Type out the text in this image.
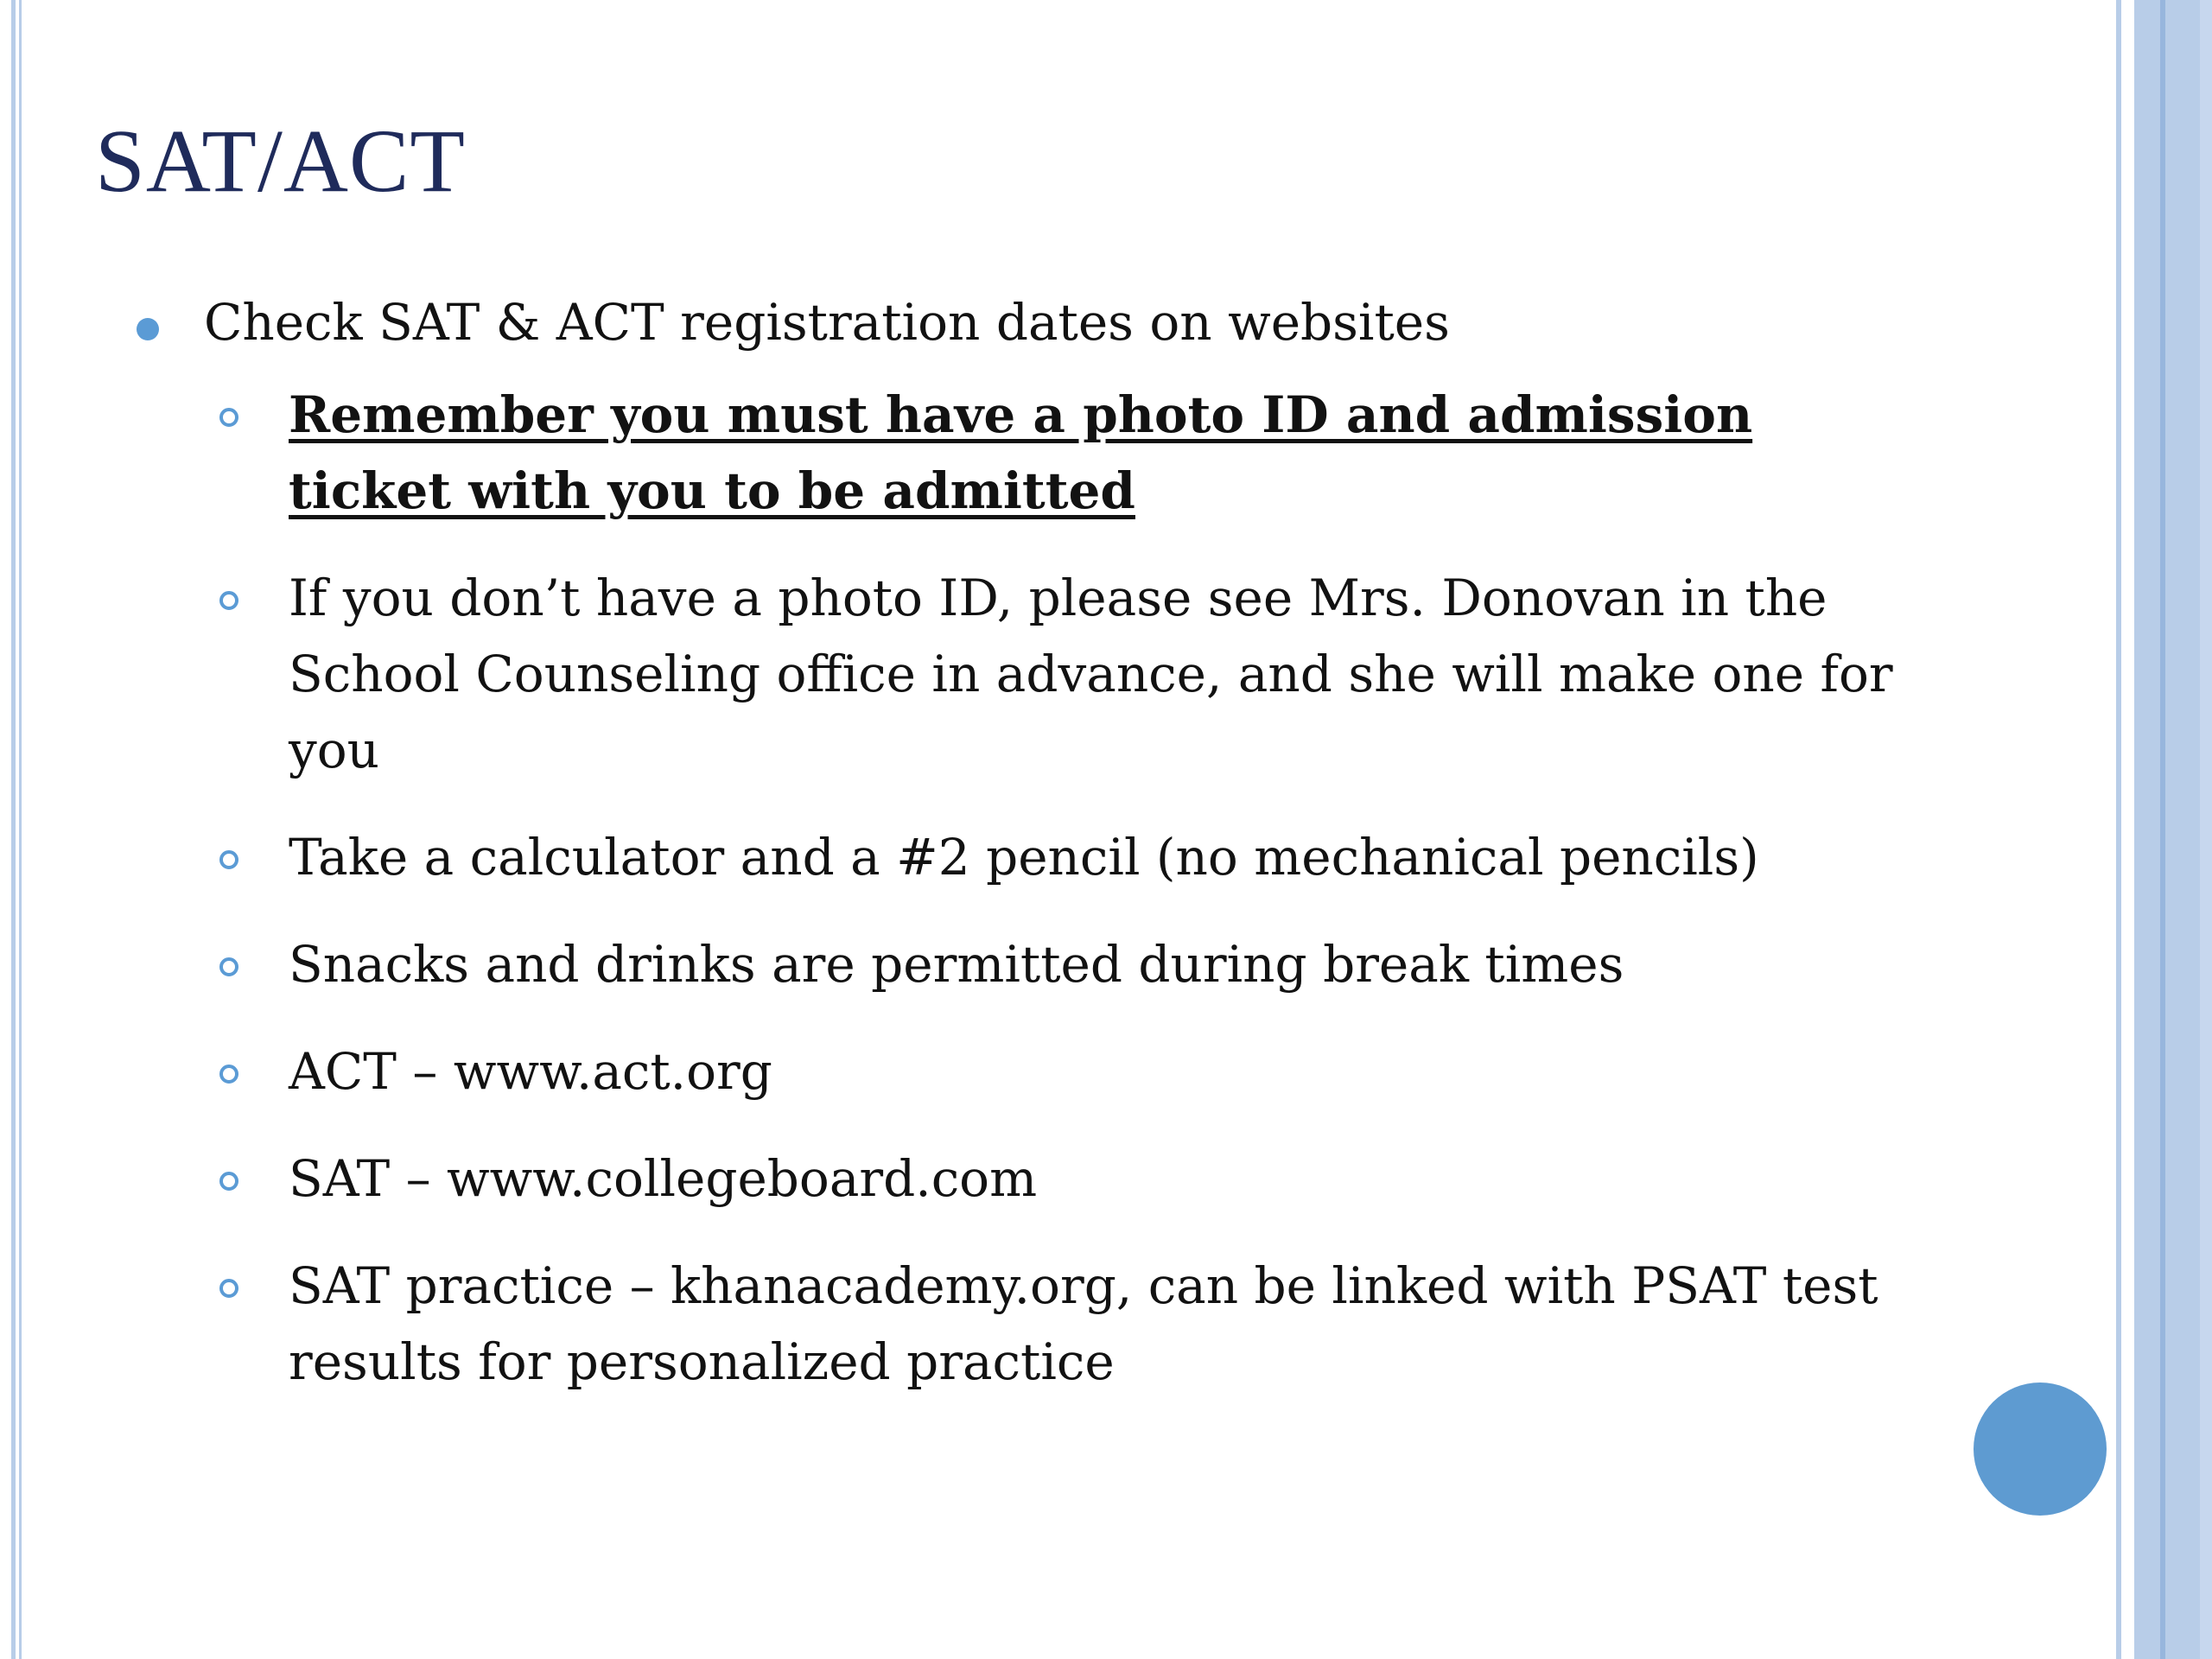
SAT/ACT
Check SAT & ACT registration dates on websites
Remember you must have a photo ID and admission ticket with you to be admitted
If you don’t have a photo ID, please see Mrs. Donovan in the School Counseling office in advance, and she will make one for you
Take a calculator and a #2 pencil (no mechanical pencils)
Snacks and drinks are permitted during break times
ACT – www.act.org
SAT – www.collegeboard.com
SAT practice – khanacademy.org, can be linked with PSAT test results for personalized practice
